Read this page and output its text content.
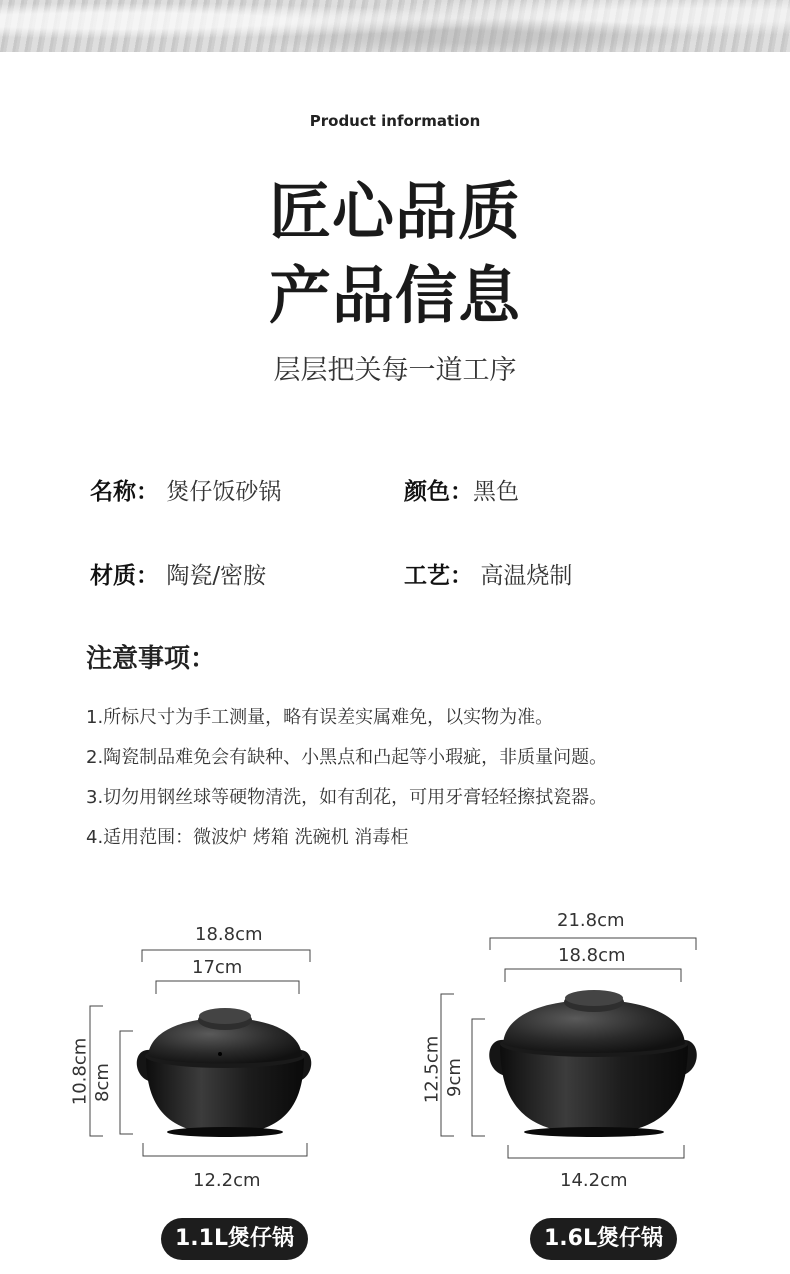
Product information
匠心品质
产品信息
层层把关每一道工序
名称： 煲仔饭砂锅	颜色：黑色
材质： 陶瓷/密胺	工艺： 高温烧制
注意事项：
1.所标尺寸为手工测量，略有误差实属难免，以实物为准。
2.陶瓷制品难免会有缺种、小黑点和凸起等小瑕疵，非质量问题。
3.切勿用钢丝球等硬物清洗，如有刮花，可用牙膏轻轻擦拭瓷器。
4.适用范围：微波炉 烤箱 洗碗机 消毒柜
18.8cm
17cm
10.8cm 8cm
12.2cm
1.1L煲仔锅
21.8cm
18.8cm
12.5cm 9cm
14.2cm
1.6L煲仔锅
